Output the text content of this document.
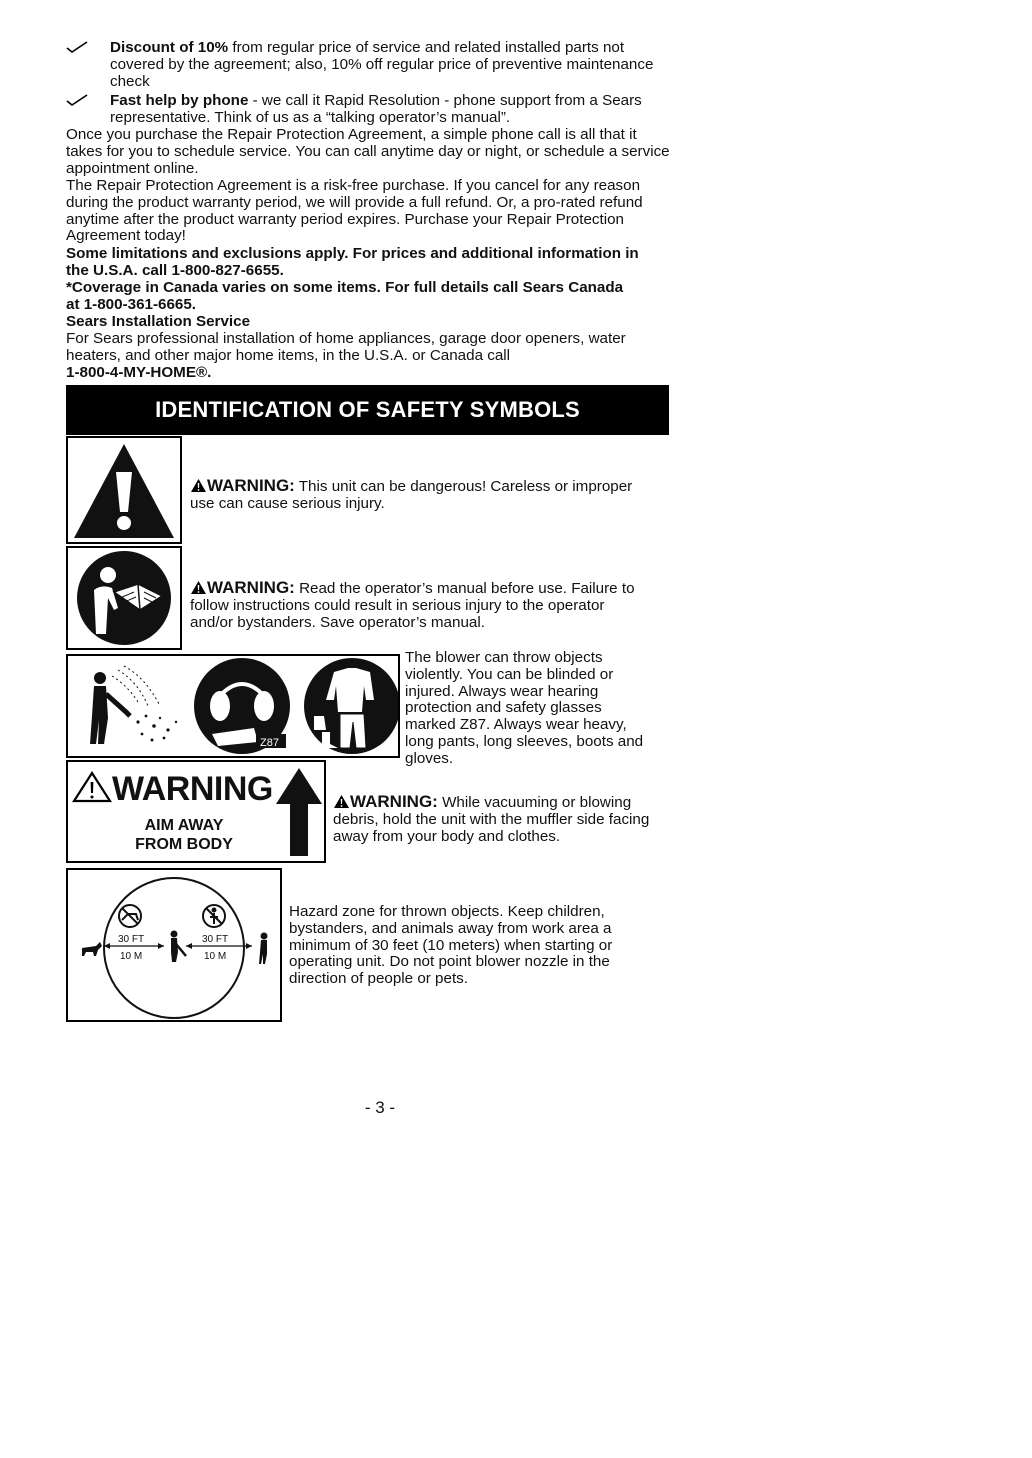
Discount of 10% from regular price of service and related installed parts not covered by the agreement; also, 10% off regular price of preventive maintenance check
Fast help by phone - we call it Rapid Resolution - phone support from a Sears representative. Think of us as a “talking operator’s manual”.
Once you purchase the Repair Protection Agreement, a simple phone call is all that it takes for you to schedule service. You can call anytime day or night, or schedule a service appointment online.
The Repair Protection Agreement is a risk-free purchase. If you cancel for any reason during the product warranty period, we will provide a full refund. Or, a pro-rated refund anytime after the product warranty period expires. Purchase your Repair Protection Agreement today!
Some limitations and exclusions apply. For prices and additional information in the U.S.A. call 1-800-827-6655.
*Coverage in Canada varies on some items. For full details call Sears Canada at 1-800-361-6665.
Sears Installation Service
For Sears professional installation of home appliances, garage door openers, water heaters, and other major home items, in the U.S.A. or Canada call
1-800-4-MY-HOME®.
IDENTIFICATION OF SAFETY SYMBOLS
WARNING: This unit can be dangerous! Careless or improper use can cause serious injury.
WARNING: Read the operator’s manual before use. Failure to follow instructions could result in serious injury to the operator and/or bystanders. Save operator’s manual.
Z87
The blower can throw objects violently. You can be blinded or injured. Always wear hearing protection and safety glasses marked Z87. Always wear heavy, long pants, long sleeves, boots and gloves.
WARNING
AIM AWAY
FROM BODY
WARNING: While vacuuming or blowing debris, hold the unit with the muffler side facing away from your body and clothes.
30 FT
10 M
30 FT
10 M
Hazard zone for thrown objects. Keep children, bystanders, and animals away from work area a minimum of 30 feet (10 meters) when starting or operating unit. Do not point blower nozzle in the direction of people or pets.
- 3 -
